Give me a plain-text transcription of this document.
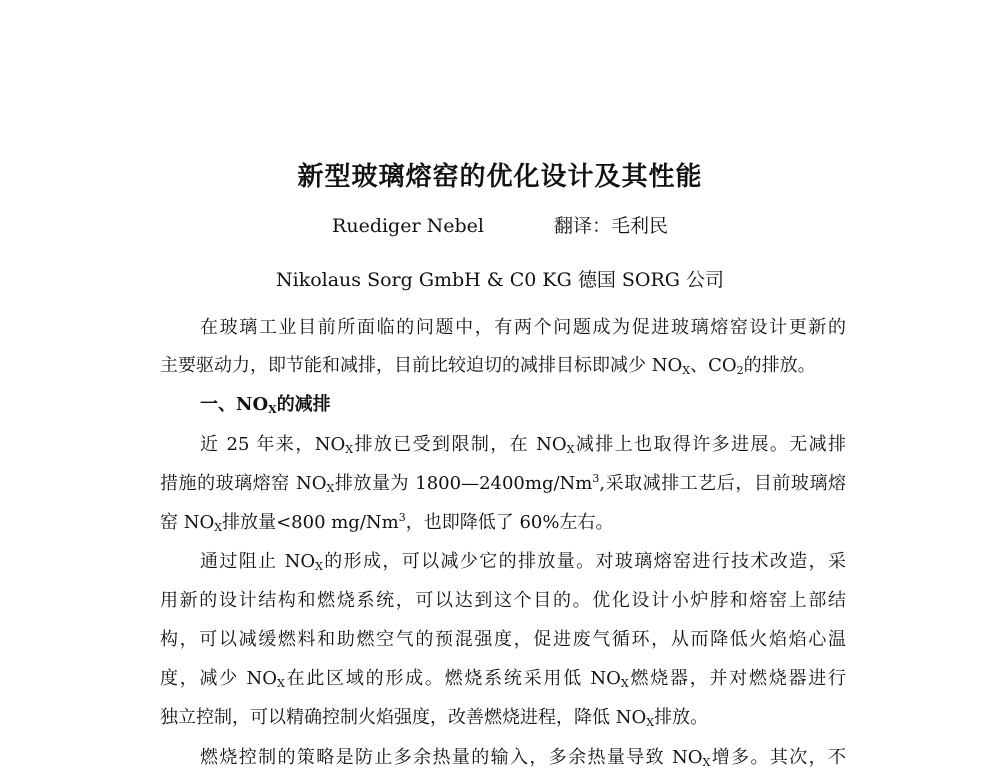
新型玻璃熔窑的优化设计及其性能
Ruediger Nebel	翻译：毛利民
Nikolaus Sorg GmbH & C0 KG 德国 SORG 公司
在玻璃工业目前所面临的问题中，有两个问题成为促进玻璃熔窑设计更新的
主要驱动力，即节能和减排，目前比较迫切的减排目标即减少 $NO_X$、$CO_2$的排放。
一、$NO_X$的减排
近 25 年来，$NO_X$排放已受到限制，在 $NO_X$减排上也取得许多进展。无减排
措施的玻璃熔窑 $NO_X$排放量为 1800—2400mg/Nm$^3$,采取减排工艺后，目前玻璃熔
窑 $NO_X$排放量<800 mg/Nm$^3$，也即降低了 60%左右。
通过阻止 $NO_X$的形成，可以减少它的排放量。对玻璃熔窑进行技术改造，采
用新的设计结构和燃烧系统，可以达到这个目的。优化设计小炉脖和熔窑上部结
构，可以减缓燃料和助燃空气的预混强度，促进废气循环，从而降低火焰焰心温
度，减少 $NO_X$在此区域的形成。燃烧系统采用低 $NO_X$燃烧器，并对燃烧器进行
独立控制，可以精确控制火焰强度，改善燃烧进程，降低 $NO_X$排放。
燃烧控制的策略是防止多余热量的输入，多余热量导致 $NO_X$增多。其次，不
